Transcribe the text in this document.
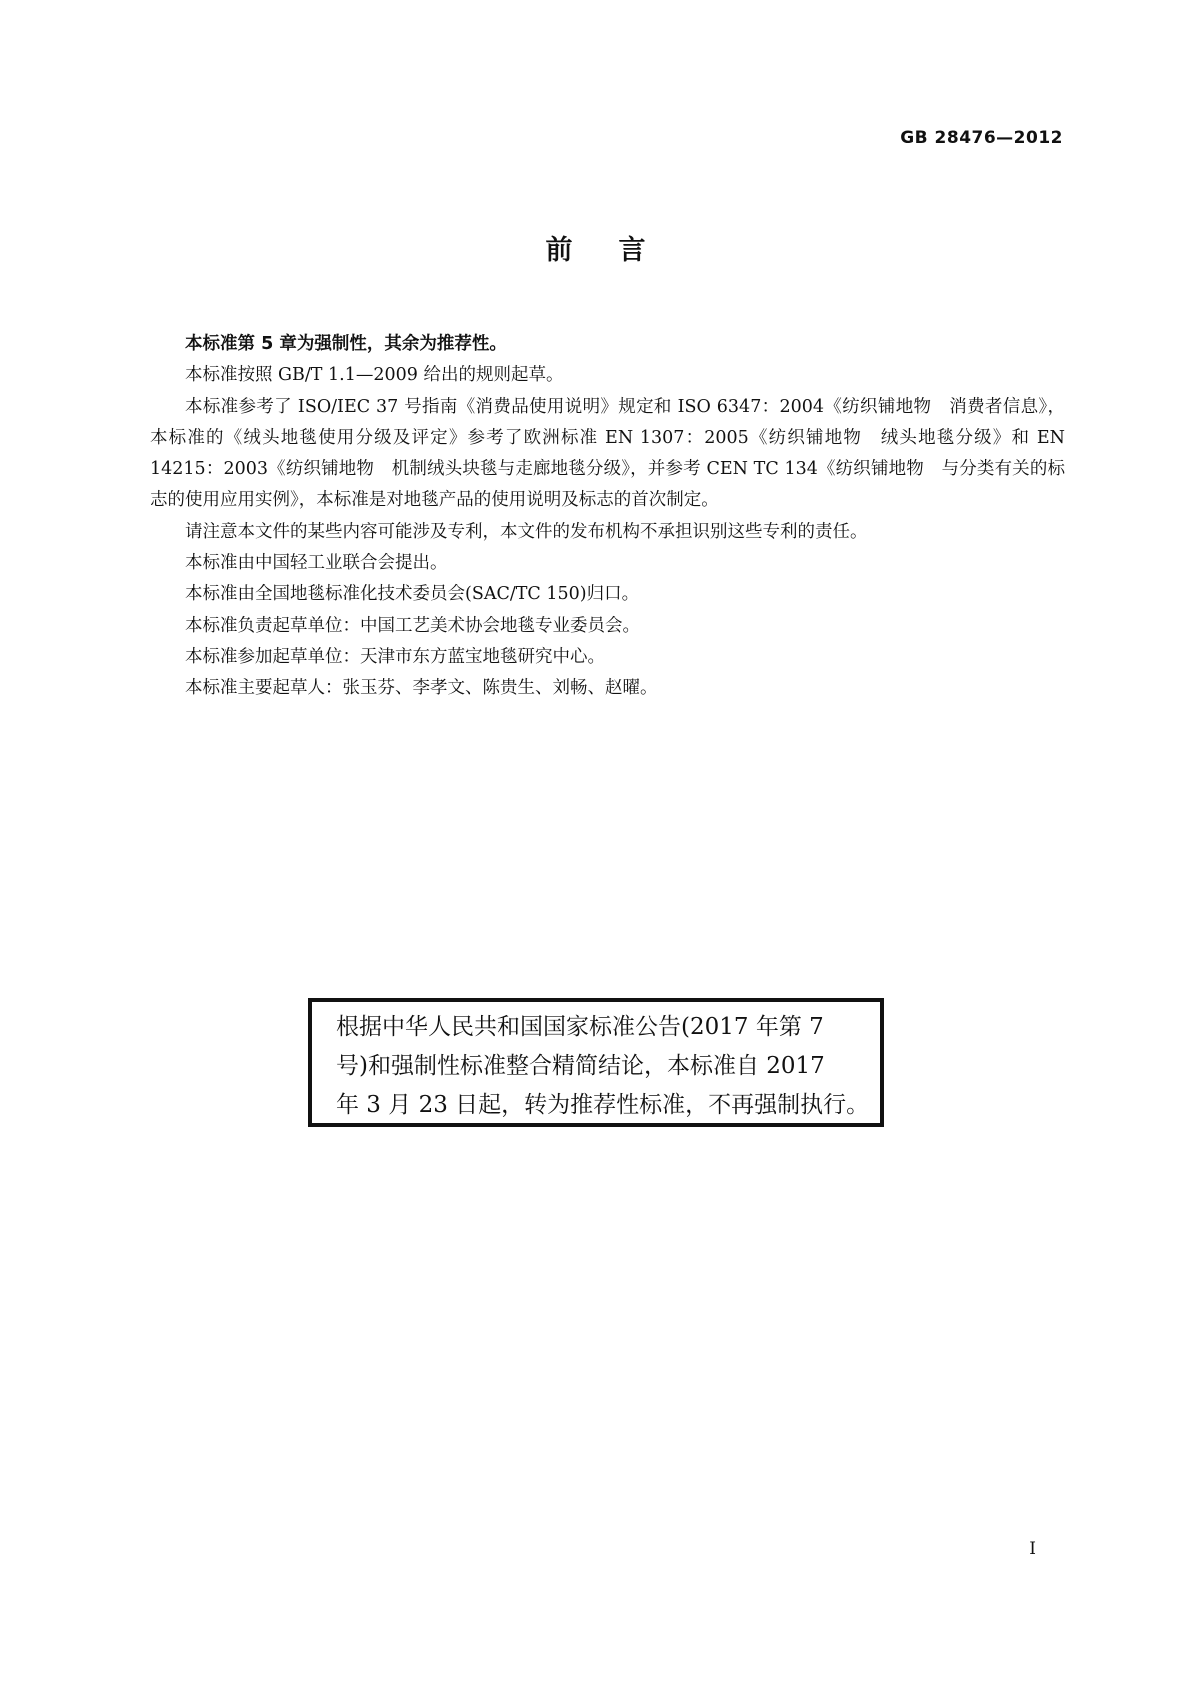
GB 28476—2012
前言

本标准第 5 章为强制性，其余为推荐性。

本标准按照 GB/T 1.1—2009 给出的规则起草。

本标准参考了 ISO/IEC 37 号指南《消费品使用说明》规定和 ISO 6347：2004《纺织铺地物　消费者信息》，本标准的《绒头地毯使用分级及评定》参考了欧洲标准 EN 1307：2005《纺织铺地物　绒头地毯分级》和 EN 14215：2003《纺织铺地物　机制绒头块毯与走廊地毯分级》，并参考 CEN TC 134《纺织铺地物　与分类有关的标志的使用应用实例》，本标准是对地毯产品的使用说明及标志的首次制定。

请注意本文件的某些内容可能涉及专利，本文件的发布机构不承担识别这些专利的责任。

本标准由中国轻工业联合会提出。

本标准由全国地毯标准化技术委员会(SAC/TC 150)归口。

本标准负责起草单位：中国工艺美术协会地毯专业委员会。

本标准参加起草单位：天津市东方蓝宝地毯研究中心。

本标准主要起草人：张玉芬、李孝文、陈贵生、刘畅、赵曜。

根据中华人民共和国国家标准公告(2017 年第 7

号)和强制性标准整合精简结论，本标准自 2017

年 3 月 23 日起，转为推荐性标准，不再强制执行。

I
